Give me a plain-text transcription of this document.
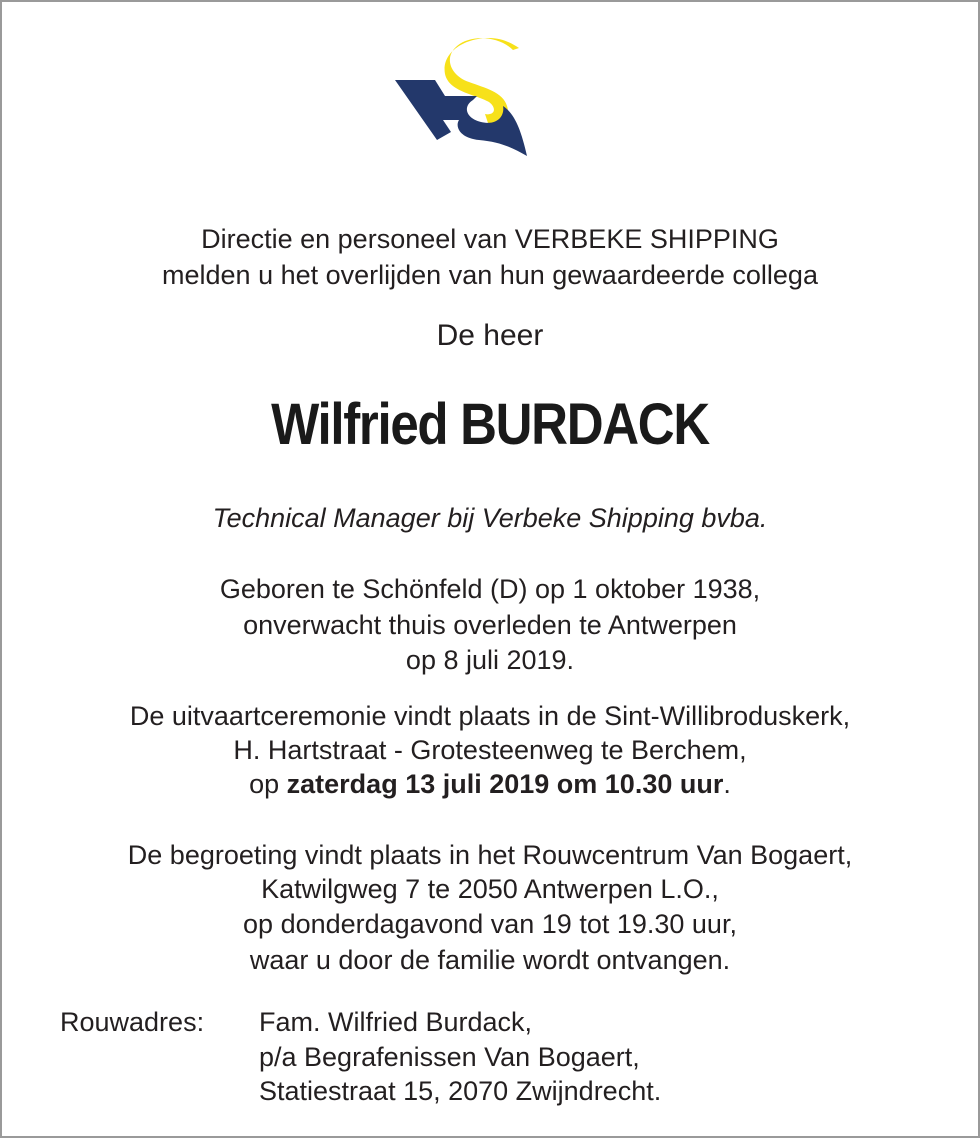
Directie en personeel van VERBEKE SHIPPING
melden u het overlijden van hun gewaardeerde collega
De heer
Wilfried BURDACK
Technical Manager bij Verbeke Shipping bvba.
Geboren te Schönfeld (D) op 1 oktober 1938,
onverwacht thuis overleden te Antwerpen
op 8 juli 2019.
De uitvaartceremonie vindt plaats in de Sint-Willibroduskerk,
H. Hartstraat - Grotesteenweg te Berchem,
op zaterdag 13 juli 2019 om 10.30 uur.
De begroeting vindt plaats in het Rouwcentrum Van Bogaert,
Katwilgweg 7 te 2050 Antwerpen L.O.,
op donderdagavond van 19 tot 19.30 uur,
waar u door de familie wordt ontvangen.
Rouwadres: Fam. Wilfried Burdack,
p/a Begrafenissen Van Bogaert,
Statiestraat 15, 2070 Zwijndrecht.
